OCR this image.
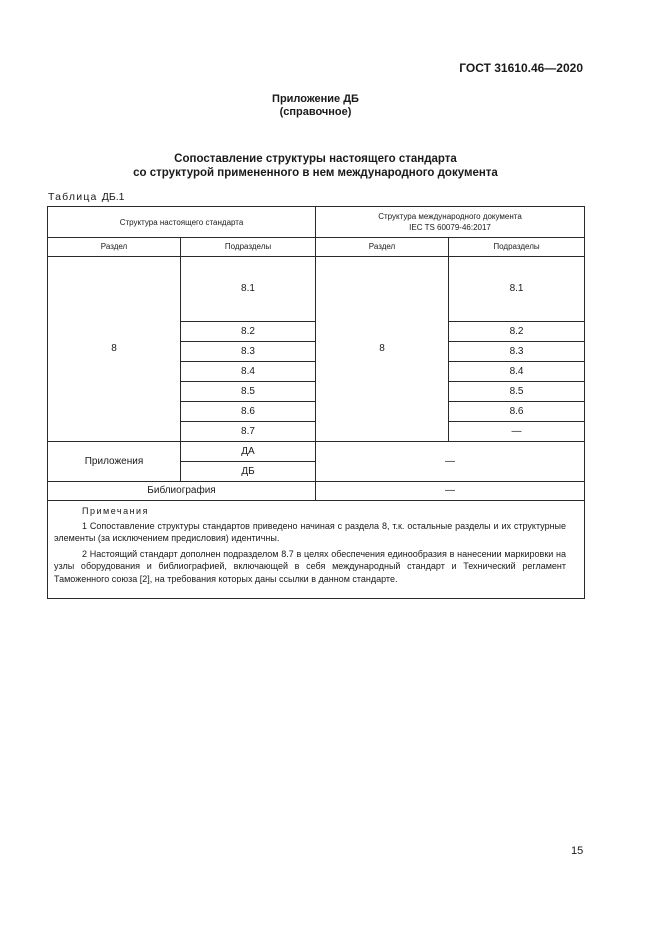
ГОСТ 31610.46—2020
Приложение ДБ
(справочное)
Сопоставление структуры настоящего стандарта
со структурой примененного в нем международного документа
Таблица ДБ.1
Структура настоящего стандарта		Структура международного документа
IEC TS 60079-46:2017	

Раздел	Подразделы	Раздел	Подразделы
8	8.1	8	8.1
	8.2		8.2
	8.3		8.3
	8.4		8.4
	8.5		8.5
	8.6		8.6
	8.7		—
Приложения	ДА	—	
	ДБ		
Библиография		—	

Примечания

1 Сопоставление структуры стандартов приведено начиная с раздела 8, т.к. остальные разделы и их структурные элементы (за исключением предисловия) идентичны.

2 Настоящий стандарт дополнен подразделом 8.7 в целях обеспечения единообразия в нанесении маркировки на узлы оборудования и библиографией, включающей в себя международный стандарт и Технический регламент Таможенного союза [2], на требования которых даны ссылки в данном стандарте.			

15
